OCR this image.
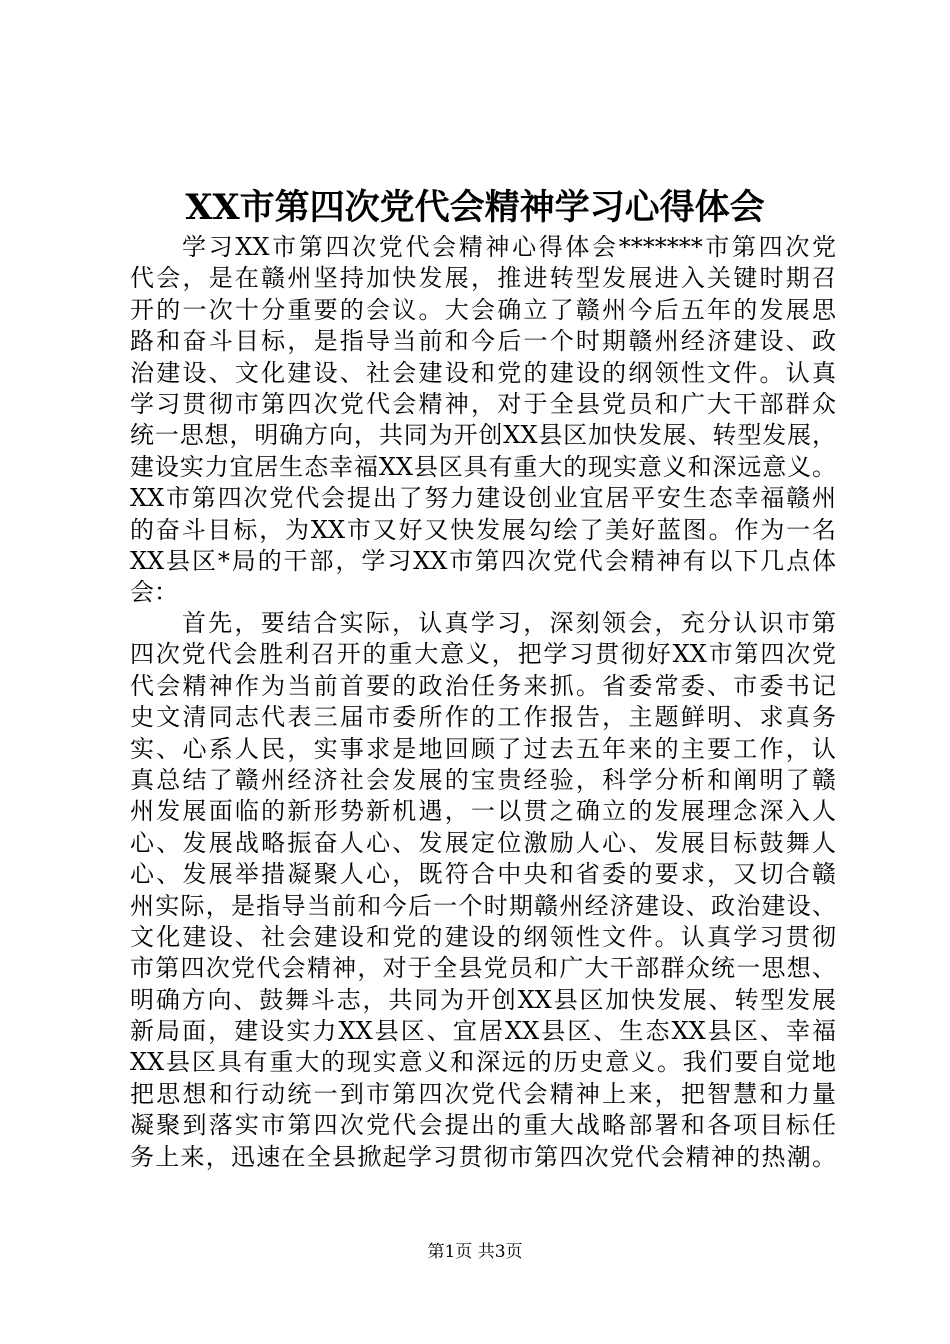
XX市第四次党代会精神学习心得体会
学习XX市第四次党代会精神心得体会*******市第四次党
代会，是在赣州坚持加快发展，推进转型发展进入关键时期召
开的一次十分重要的会议。大会确立了赣州今后五年的发展思
路和奋斗目标，是指导当前和今后一个时期赣州经济建设、政
治建设、文化建设、社会建设和党的建设的纲领性文件。认真
学习贯彻市第四次党代会精神，对于全县党员和广大干部群众
统一思想，明确方向，共同为开创XX县区加快发展、转型发展，
建设实力宜居生态幸福XX县区具有重大的现实意义和深远意义。
XX市第四次党代会提出了努力建设创业宜居平安生态幸福赣州
的奋斗目标，为XX市又好又快发展勾绘了美好蓝图。作为一名
XX县区*局的干部，学习XX市第四次党代会精神有以下几点体
会：
首先，要结合实际，认真学习，深刻领会，充分认识市第
四次党代会胜利召开的重大意义，把学习贯彻好XX市第四次党
代会精神作为当前首要的政治任务来抓。省委常委、市委书记
史文清同志代表三届市委所作的工作报告，主题鲜明、求真务
实、心系人民，实事求是地回顾了过去五年来的主要工作，认
真总结了赣州经济社会发展的宝贵经验，科学分析和阐明了赣
州发展面临的新形势新机遇，一以贯之确立的发展理念深入人
心、发展战略振奋人心、发展定位激励人心、发展目标鼓舞人
心、发展举措凝聚人心，既符合中央和省委的要求，又切合赣
州实际，是指导当前和今后一个时期赣州经济建设、政治建设、
文化建设、社会建设和党的建设的纲领性文件。认真学习贯彻
市第四次党代会精神，对于全县党员和广大干部群众统一思想、
明确方向、鼓舞斗志，共同为开创XX县区加快发展、转型发展
新局面，建设实力XX县区、宜居XX县区、生态XX县区、幸福
XX县区具有重大的现实意义和深远的历史意义。我们要自觉地
把思想和行动统一到市第四次党代会精神上来，把智慧和力量
凝聚到落实市第四次党代会提出的重大战略部署和各项目标任
务上来，迅速在全县掀起学习贯彻市第四次党代会精神的热潮。
第1页 共3页
